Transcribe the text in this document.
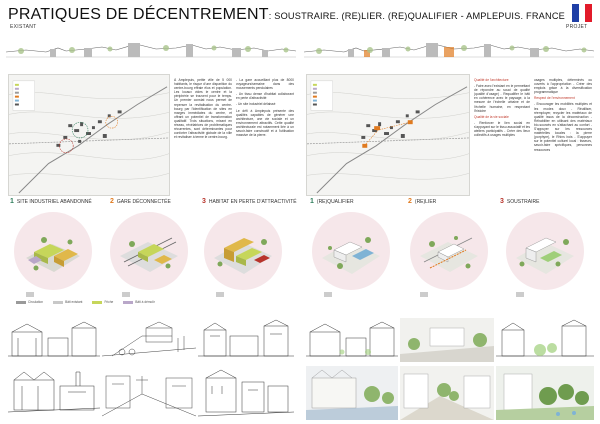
PRATIQUES DE DÉCENTREMENT: SOUSTRAIRE. (RE)LIER. (RE)QUALIFIER - AMPLEPUIS. FRANCE
EXISTANT	PROJET

À Amplepuis, petite ville de 5 000 habitants, le risque d'une disparition du centre-bourg effraie élus et population. Les locaux vides le centre et la périphérie se trouvent pour le temps. Un premier constat nous permet de repenser la revitalisation du centre-bourg par l'identification de sites en marges immédiates du centre, et offrant un potentiel de transformation qualitatif. Trois situations, mixant en réseau, révélatrices de problématiques récurrentes, sont déterminantes pour conforter l'attractivité globale de la ville et revitaliser à terme le centre-bourg.

- La gare accueillant plus de 8000 voyageurs/semaine dans des mouvements pendulaires

- Un tissu dense d'habitat collaborant en perte d'attractivité

- Un site industriel délaissé

Le défi à Amplepuis présente des qualités capables de générer une architecture, une vie sociale et un environnement attractifs. Cette qualité architecturale est notamment liée à un savoir-faire constructif et à l'utilisation massive de la pierre.

Qualité de l'architecture

- Faire avec l'existant en le permettant de répondre au souci de qualité (qualité d'usage) - Requalifier le bâti en cohérence avec le paysage, à la mesure de l'échelle urbaine et de l'échelle humaine, en respectant l'histoire

Qualité de la vie sociale

- Renforcer le lien social en s'appuyant sur le tissu associatif et les ateliers participatifs - Créer des lieux collectifs à usages multiples

usages multiples, déterminés ou ouverts à l'appropriation - Créer des emplois grâce à la diversification programmatique

Respect de l'environnement

- Encourager les mobilités multiples et les modes doux - Réutiliser, réemployer, recycler les matériaux de qualité issus de la déconstruction - Réhabiliter en utilisant des matériaux bio-sourcés en s'attachant au confort - S'appuyer sur les ressources matérielles locales : la pierre (porphyre), le Rhins bois - S'appuyer sur le potentiel culturel local : tisseurs, savoir-faire spécifiques, personnes ressources

1 SITE INDUSTRIEL ABANDONNÉ	2 GARE DÉCONNECTÉE	3 HABITAT EN PERTE D'ATTRACTIVITÉ 1 (RE)QUALIFIER	2 (RE)LIER	3 SOUSTRAIRE
Circulation	Bâti existant	Friche	Bâti à démolir
